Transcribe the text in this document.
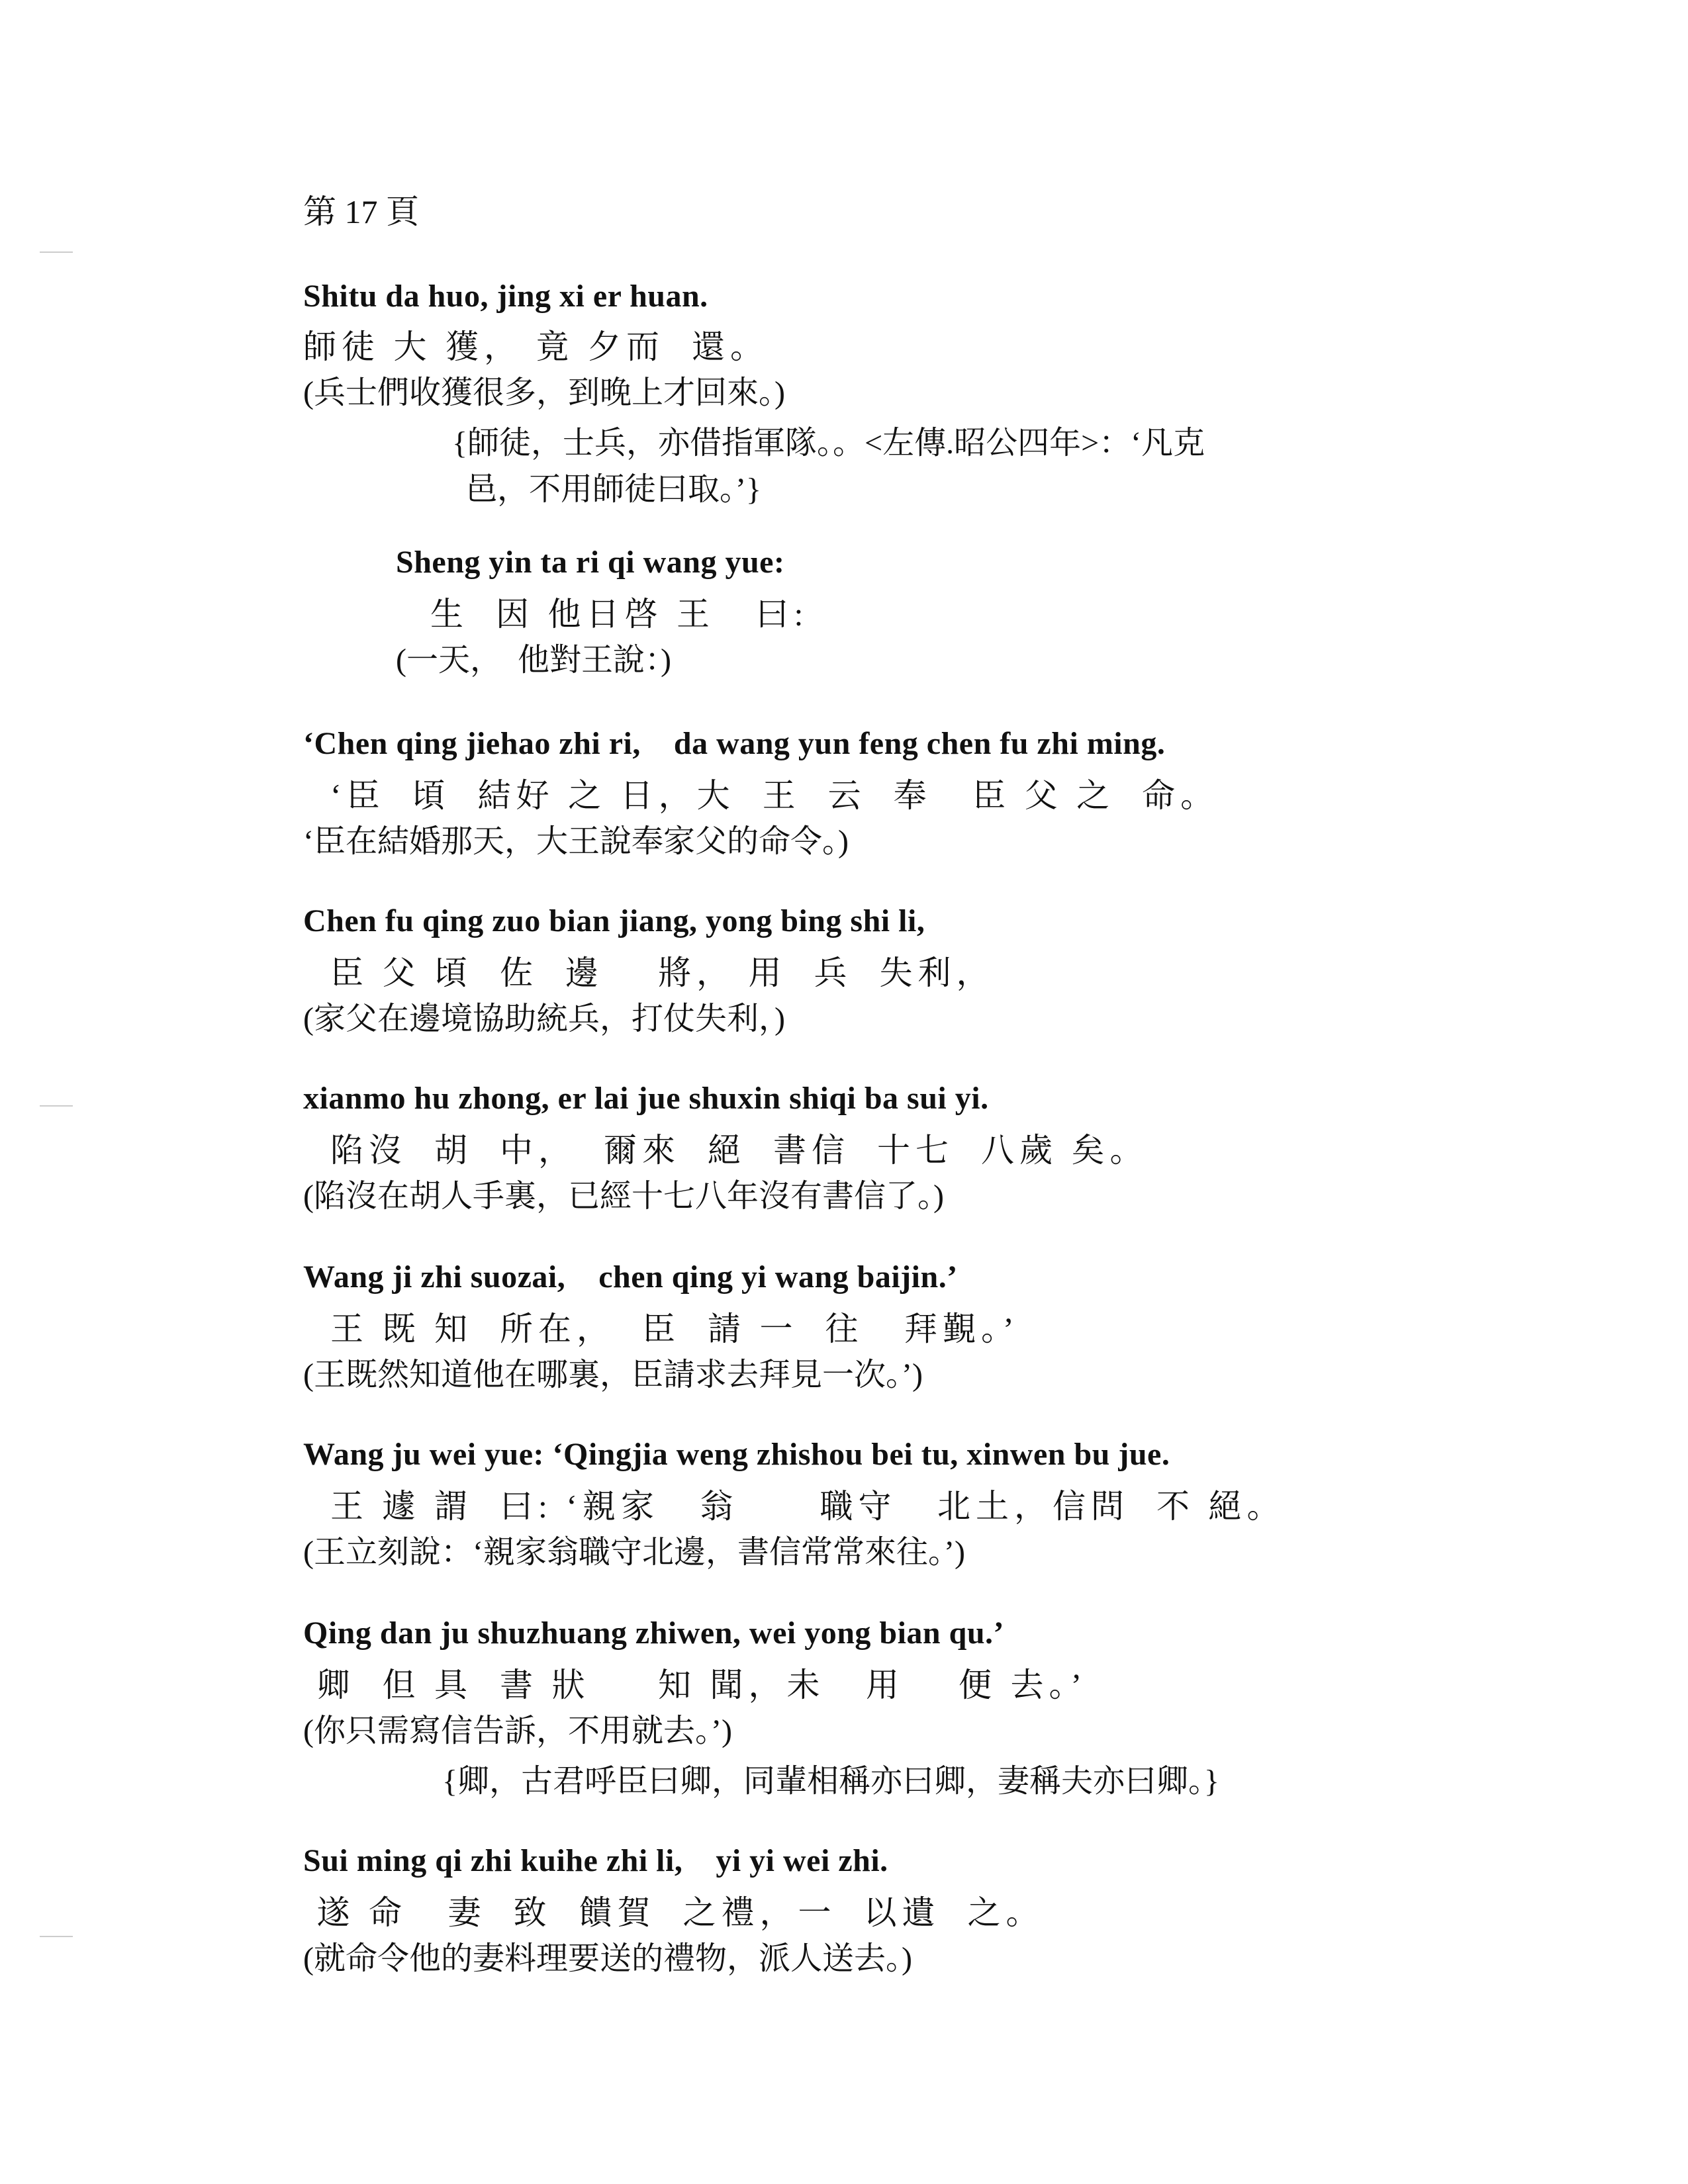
第 17 頁
Shitu da huo, jing xi er huan.
師徒 大 獲， 竟 夕而  還。
(兵士們收獲很多，到晚上才回來。)
{師徒，士兵，亦借指軍隊。。<左傳.昭公四年>：‘凡克
邑，不用師徒曰取。’}
Sheng yin ta ri qi wang yue:
生  因 他日啓 王   曰:
(一天，  他對王說：)
‘Chen qing jiehao zhi ri,    da wang yun feng chen fu zhi ming.
‘臣  頃  結好 之 日，大  王  云  奉   臣 父 之  命。
‘臣在結婚那天，大王說奉家父的命令。)
Chen fu qing zuo bian jiang, yong bing shi li,
臣 父 頃  佐  邊    將， 用  兵  失利，
(家父在邊境協助統兵，打仗失利，)
xianmo hu zhong, er lai jue shuxin shiqi ba sui yi.
陷沒  胡  中，  爾來  絕  書信  十七  八歲 矣。
(陷沒在胡人手裏，已經十七八年沒有書信了。)
Wang ji zhi suozai,    chen qing yi wang baijin.’
王 既 知  所在，  臣  請 一  往   拜覲。’
(王既然知道他在哪裏，臣請求去拜見一次。’)
Wang ju wei yue: ‘Qingjia weng zhishou bei tu, xinwen bu jue.
王 遽 謂  曰: ‘親家   翁      職守   北土，信問  不 絕。
(王立刻說：‘親家翁職守北邊，書信常常來往。’)
Qing dan ju shuzhuang zhiwen, wei yong bian qu.’
卿  但 具  書 狀     知 聞，未   用    便 去。’
(你只需寫信告訴，不用就去。’)
{卿，古君呼臣曰卿，同輩相稱亦曰卿，妻稱夫亦曰卿。}
Sui ming qi zhi kuihe zhi li,    yi yi wei zhi.
遂 命   妻  致  饋賀  之禮，一  以遺  之。
(就命令他的妻料理要送的禮物，派人送去。)
